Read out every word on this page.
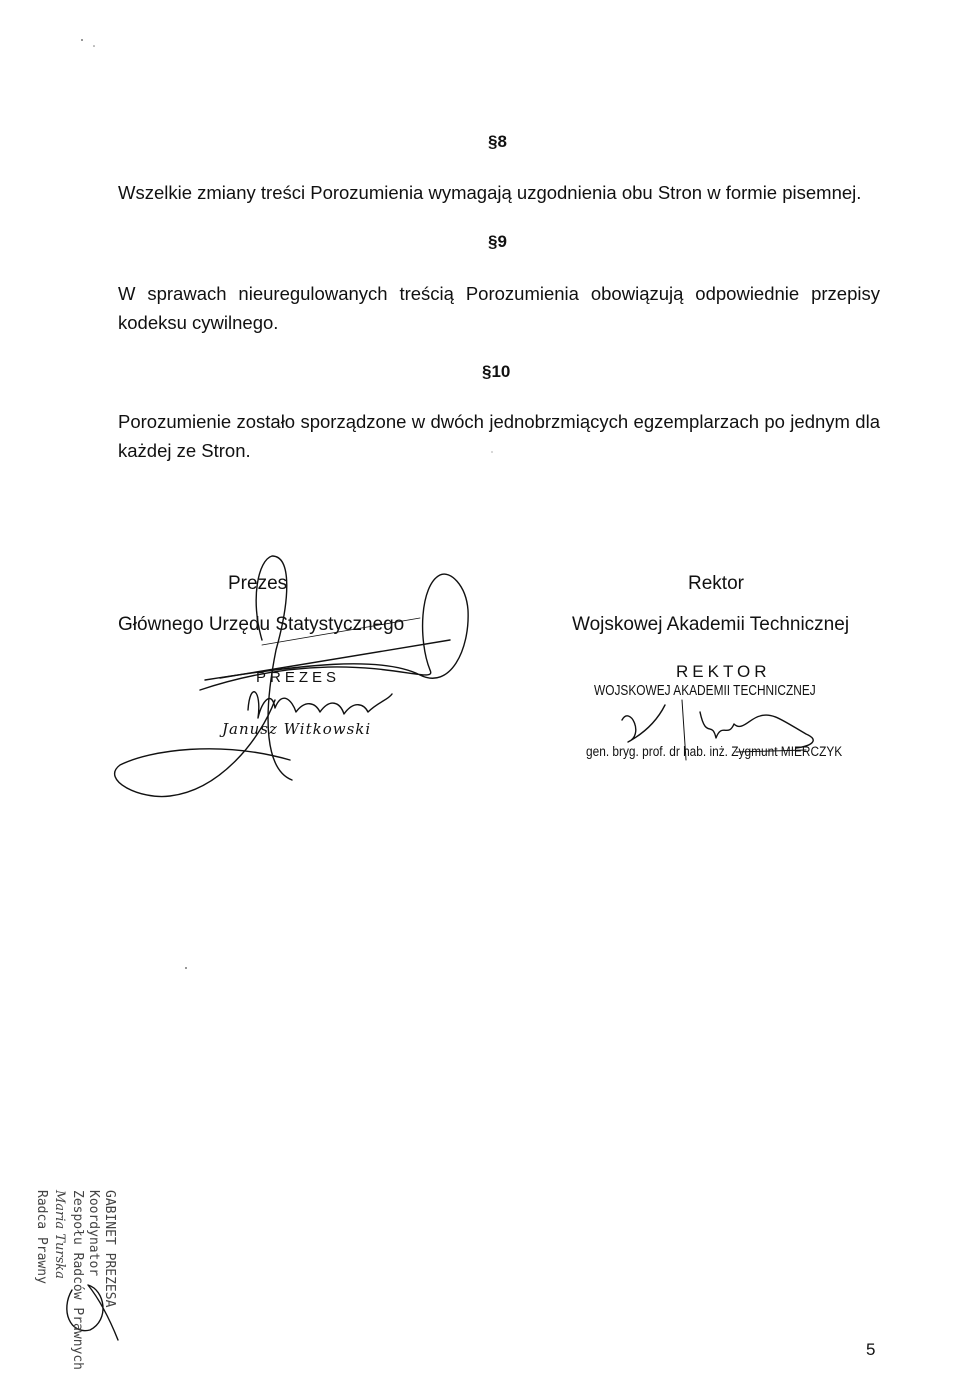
§8
Wszelkie zmiany treści Porozumienia wymagają uzgodnienia obu Stron w formie pisemnej.
§9
W sprawach nieuregulowanych treścią Porozumienia obowiązują odpowiednie przepisy
kodeksu cywilnego.
§10
Porozumienie zostało sporządzone w dwóch jednobrzmiących egzemplarzach po jednym dla
każdej ze Stron.
Prezes
Głównego Urzędu Statystycznego
PREZES
Janusz Witkowski
Rektor
Wojskowej Akademii Technicznej
REKTOR
WOJSKOWEJ AKADEMII TECHNICZNEJ
gen. bryg. prof. dr hab. inż. Zygmunt MIERCZYK
GABINET PREZESA
Koordynator
Zespołu Radców Prawnych
Maria Turska
Radca Prawny
5
